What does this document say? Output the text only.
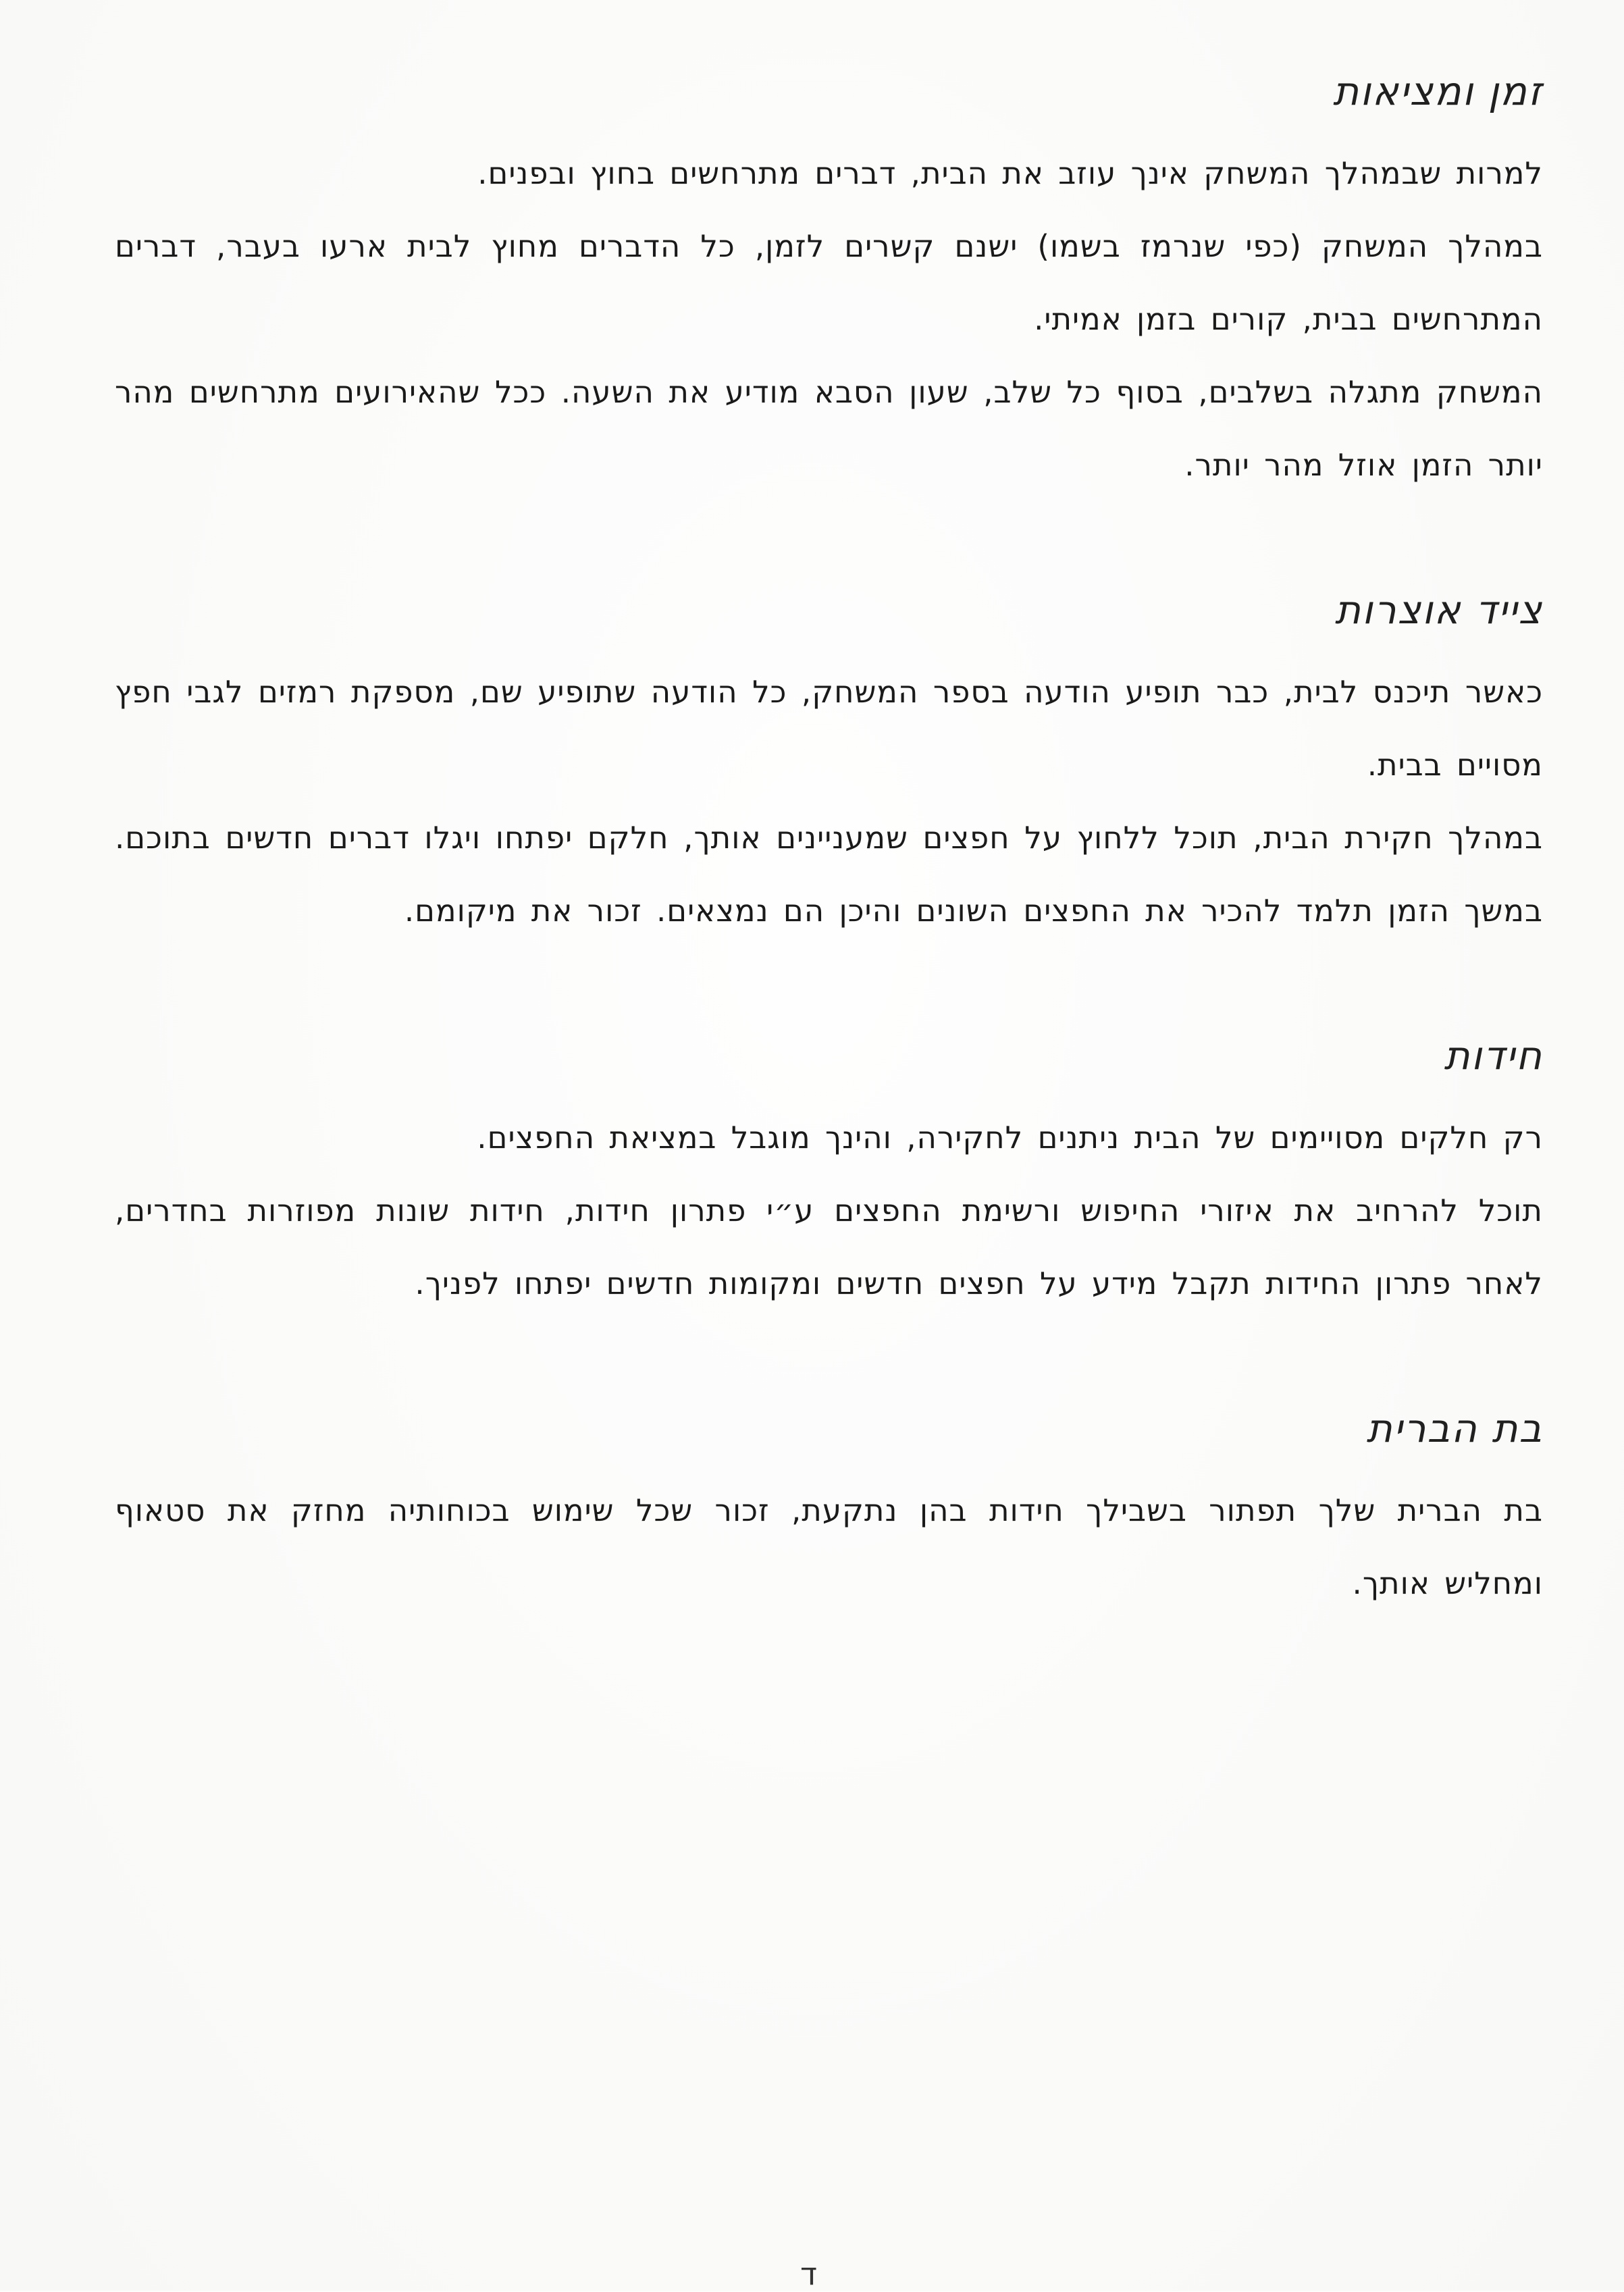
זמן ומציאות

למרות שבמהלך המשחק אינך עוזב את הבית, דברים מתרחשים בחוץ ובפנים.

במהלך המשחק (כפי שנרמז בשמו) ישנם קשרים לזמן, כל הדברים מחוץ לבית ארעו בעבר, דברים המתרחשים בבית, קורים בזמן אמיתי.

המשחק מתגלה בשלבים, בסוף כל שלב, שעון הסבא מודיע את השעה. ככל שהאירועים מתרחשים מהר יותר הזמן אוזל מהר יותר.

צייד אוצרות

כאשר תיכנס לבית, כבר תופיע הודעה בספר המשחק, כל הודעה שתופיע שם, מספקת רמזים לגבי חפץ מסויים בבית.

במהלך חקירת הבית, תוכל ללחוץ על חפצים שמעניינים אותך, חלקם יפתחו ויגלו דברים חדשים בתוכם. במשך הזמן תלמד להכיר את החפצים השונים והיכן הם נמצאים. זכור את מיקומם.

חידות

רק חלקים מסויימים של הבית ניתנים לחקירה, והינך מוגבל במציאת החפצים.

תוכל להרחיב את איזורי החיפוש ורשימת החפצים ע״י פתרון חידות, חידות שונות מפוזרות בחדרים, לאחר פתרון החידות תקבל מידע על חפצים חדשים ומקומות חדשים יפתחו לפניך.

בת הברית

בת הברית שלך תפתור בשבילך חידות בהן נתקעת, זכור שכל שימוש בכוחותיה מחזק את סטאוף ומחליש אותך.

ד
